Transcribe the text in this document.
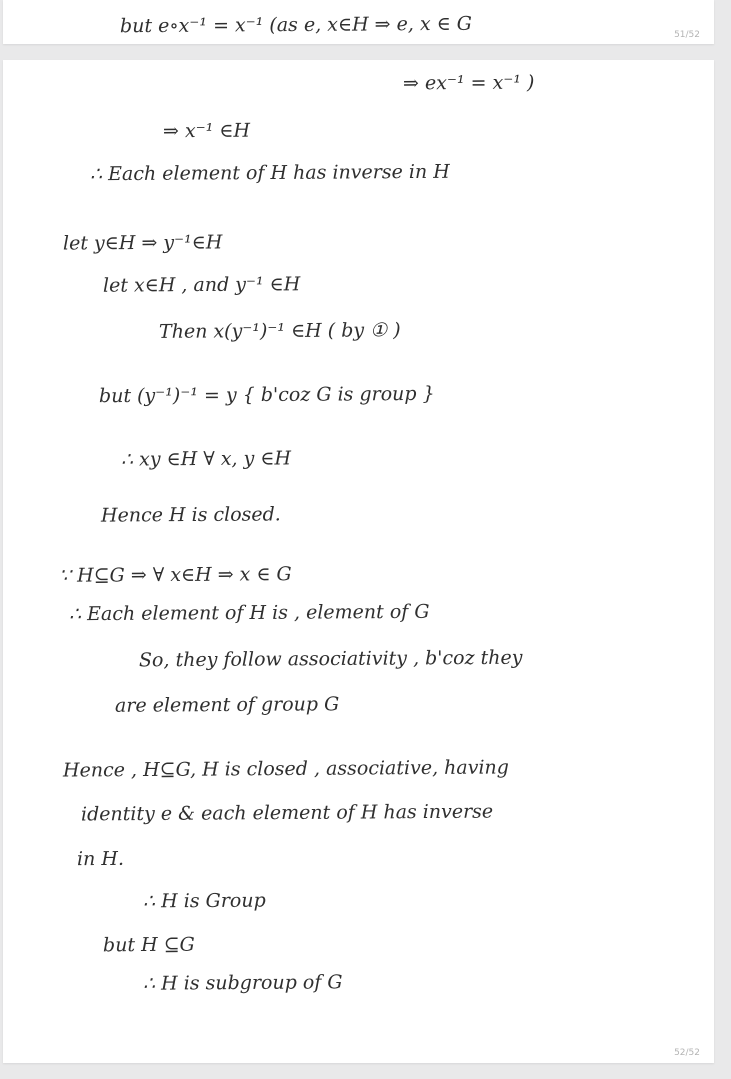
but e∘x⁻¹ = x⁻¹ (as e, x∈H ⇒ e, x ∈ G	51/52
⇒ ex⁻¹ = x⁻¹ )
⇒ x⁻¹ ∈H
∴ Each element of H has inverse in H
let y∈H ⇒ y⁻¹∈H
let x∈H , and y⁻¹ ∈H
Then x(y⁻¹)⁻¹ ∈H ( by ① )
but (y⁻¹)⁻¹ = y { b'coz G is group }
∴ xy ∈H ∀ x, y ∈H
Hence H is closed.
∵ H⊆G ⇒ ∀ x∈H ⇒ x ∈ G
∴ Each element of H is , element of G
So, they follow associativity , b'coz they
are element of group G
Hence , H⊆G, H is closed , associative, having
identity e & each element of H has inverse
in H.
∴ H is Group
but H ⊆G
∴ H is subgroup of G
52/52
